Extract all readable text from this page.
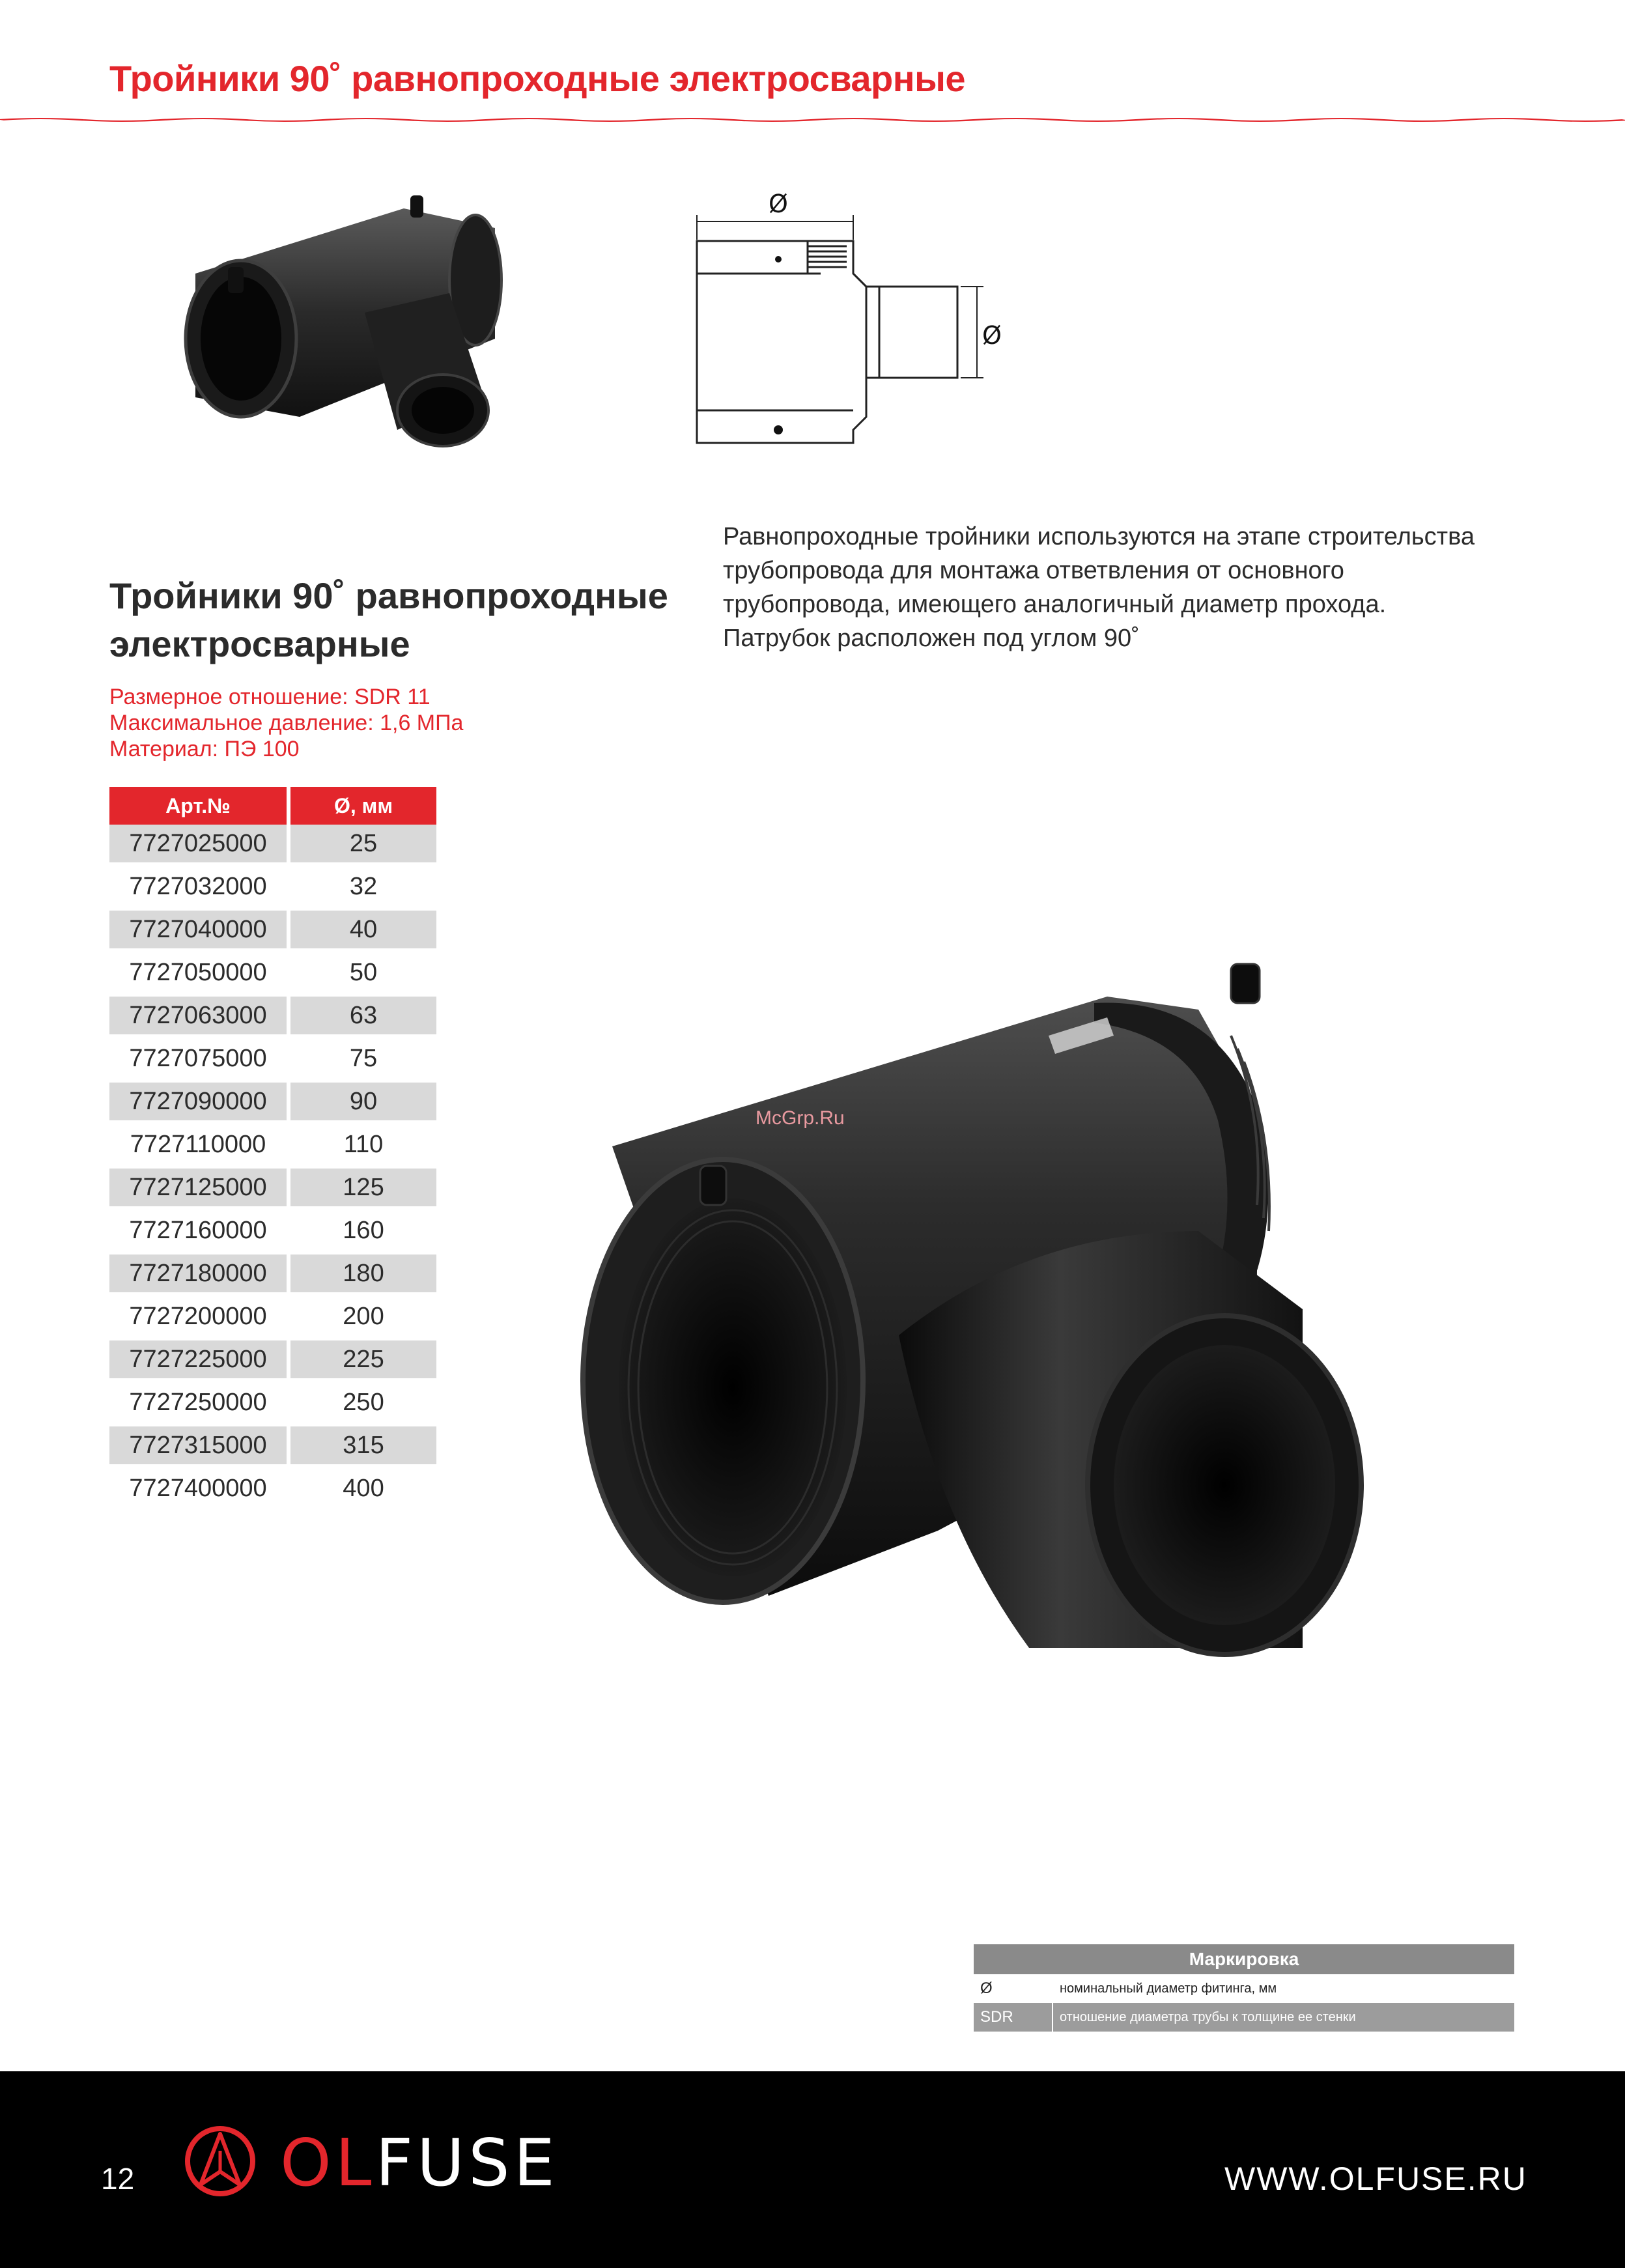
Тройники 90˚ равнопроходные электросварные
Ø
Ø
Равнопроходные тройники используются на этапе строительства трубопровода для монтажа ответвления от основного трубопровода, имеющего аналогичный диаметр прохода. Патрубок расположен под углом 90˚
Тройники 90˚ равнопроходные электросварные
Размерное отношение: SDR 11
Максимальное давление: 1,6 МПа
Материал: ПЭ 100
Арт.№	Ø, мм
7727025000	25
7727032000	32
7727040000	40
7727050000	50
7727063000	63
7727075000	75
7727090000	90
7727110000	110
7727125000	125
7727160000	160
7727180000	180
7727200000	200
7727225000	225
7727250000	250
7727315000	315
7727400000	400
McGrp.Ru
Маркировка	
Ø	номинальный диаметр фитинга, мм
SDR	отношение диаметра трубы к толщине ее стенки
12 OLFUSE	WWW.OLFUSE.RU
